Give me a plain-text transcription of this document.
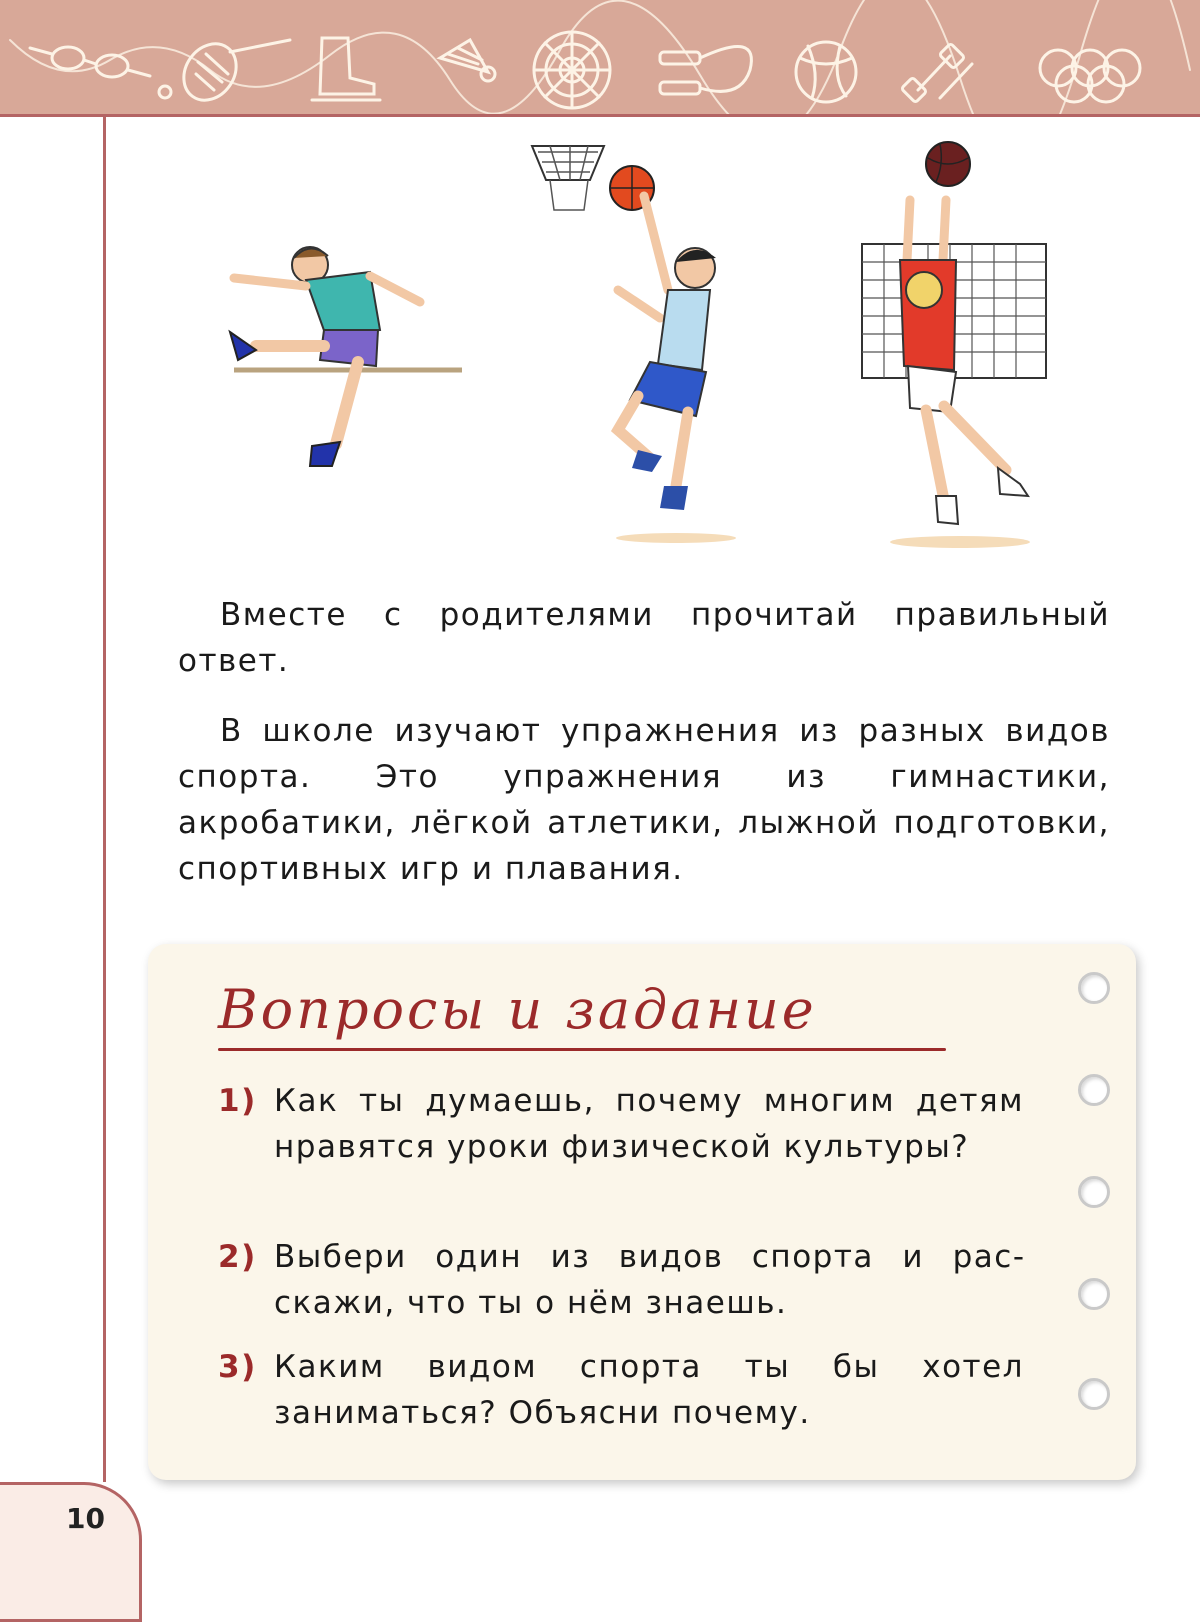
Вместе с родителями прочитай правильный ответ.

В школе изучают упражнения из разных видов спорта. Это упражнения из гимнастики, акробатики, лёгкой атлетики, лыжной подготовки, спортивных игр и плавания.

Вопросы и задание
1) Как ты думаешь, почему многим детям нравятся уроки физической культуры?
2) Выбери один из видов спорта и расскажи, что ты о нём знаешь.
3) Каким видом спорта ты бы хотел заниматься? Объясни почему.
10
